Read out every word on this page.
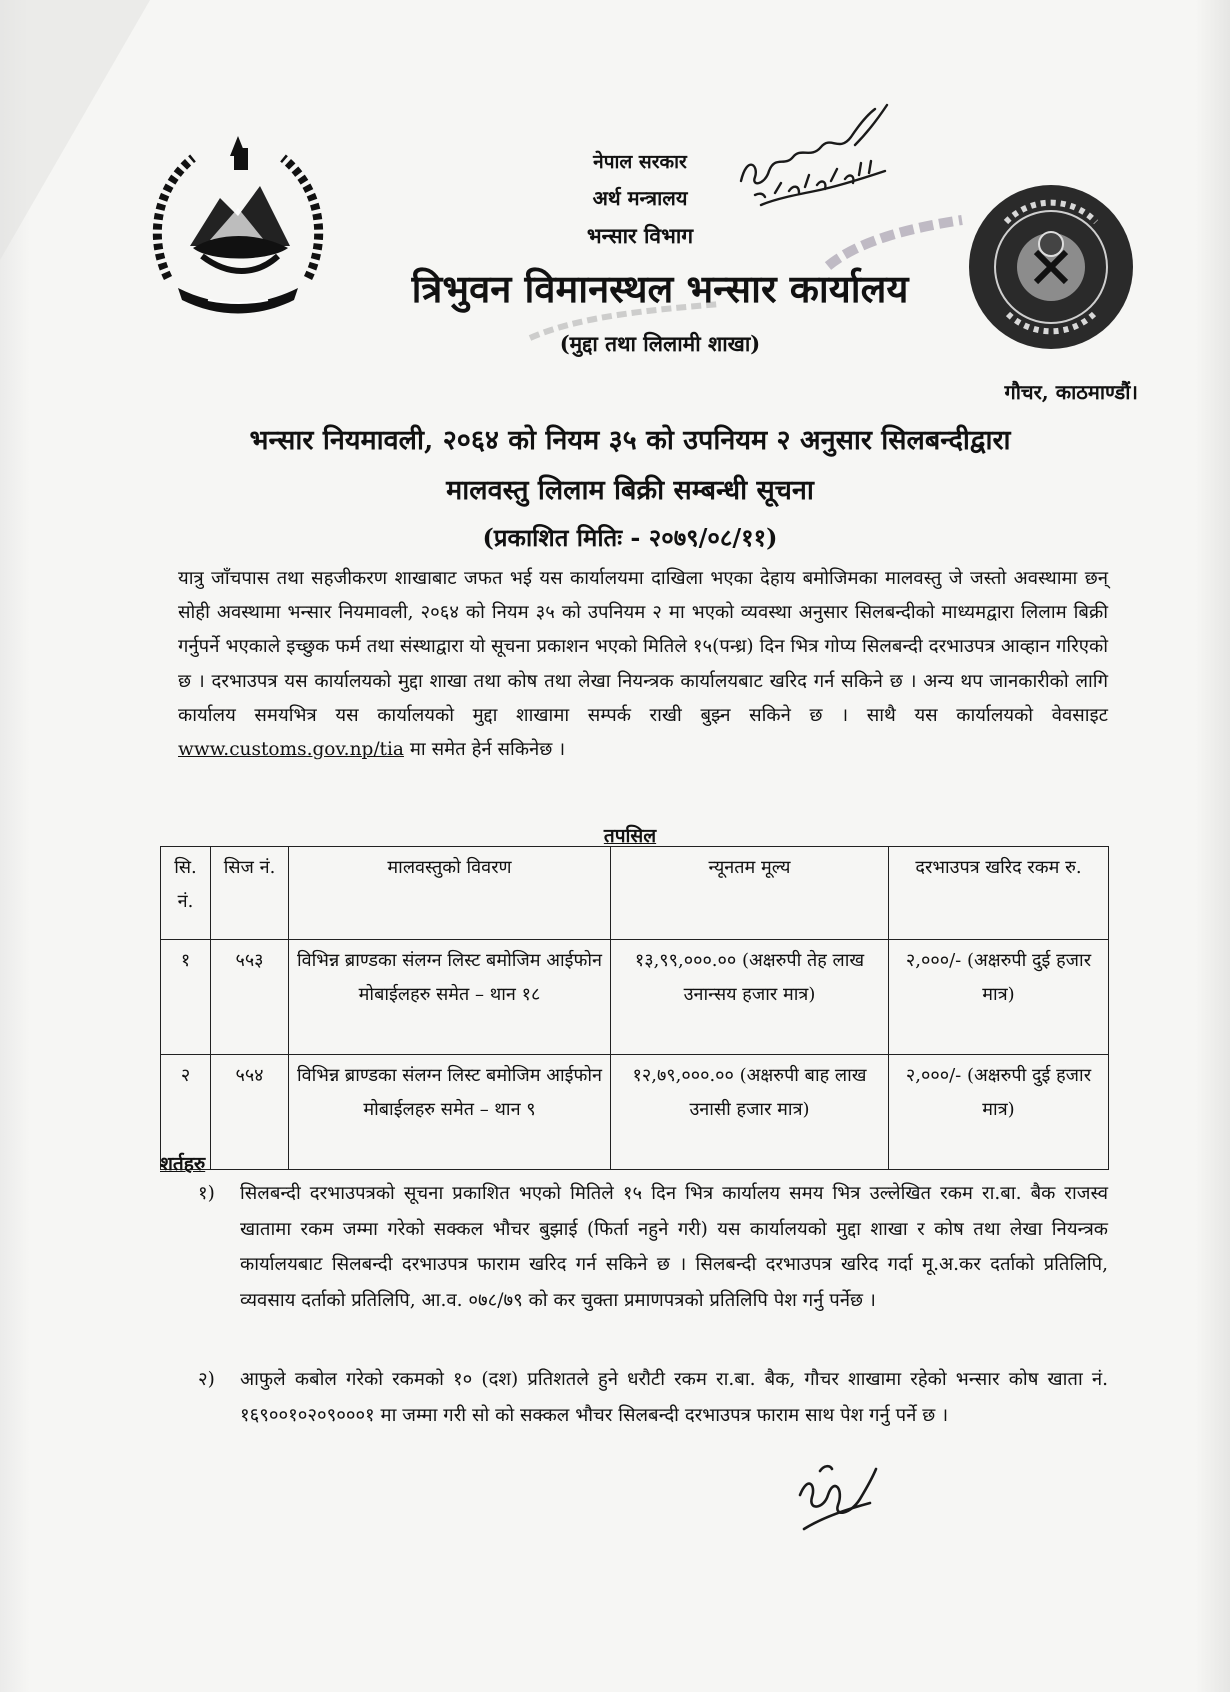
नेपाल सरकार
अर्थ मन्त्रालय
भन्सार विभाग
त्रिभुवन विमानस्थल भन्सार कार्यालय
(मुद्दा तथा लिलामी शाखा)
गौचर, काठमाण्डौं।
भन्सार नियमावली, २०६४ को नियम ३५ को उपनियम २ अनुसार सिलबन्दीद्वारा
मालवस्तु लिलाम बिक्री सम्बन्धी सूचना
(प्रकाशित मितिः - २०७९/०८/११)

यात्रु जाँचपास तथा सहजीकरण शाखाबाट जफत भई यस कार्यालयमा दाखिला भएका देहाय बमोजिमका मालवस्तु जे जस्तो अवस्थामा छन् सोही अवस्थामा भन्सार नियमावली, २०६४ को नियम ३५ को उपनियम २ मा भएको व्यवस्था अनुसार सिलबन्दीको माध्यमद्वारा लिलाम बिक्री गर्नुपर्ने भएकाले इच्छुक फर्म तथा संस्थाद्वारा यो सूचना प्रकाशन भएको मितिले १५(पन्ध्र) दिन भित्र गोप्य सिलबन्दी दरभाउपत्र आव्हान गरिएको छ । दरभाउपत्र यस कार्यालयको मुद्दा शाखा तथा कोष तथा लेखा नियन्त्रक कार्यालयबाट खरिद गर्न सकिने छ । अन्य थप जानकारीको लागि कार्यालय समयभित्र यस कार्यालयको मुद्दा शाखामा सम्पर्क राखी बुझ्न सकिने छ । साथै यस कार्यालयको वेवसाइट www.customs.gov.np/tia मा समेत हेर्न सकिनेछ ।

तपसिल
सि. नं.	सिज नं.	मालवस्तुको विवरण	न्यूनतम मूल्य	दरभाउपत्र खरिद रकम रु.
१	५५३	विभिन्न ब्राण्डका संलग्न लिस्ट बमोजिम आईफोन मोबाईलहरु समेत – थान १८	१३,९९,०००.०० (अक्षरुपी तेह लाख उनान्सय हजार मात्र)	२,०००/- (अक्षरुपी दुई हजार मात्र)
२	५५४	विभिन्न ब्राण्डका संलग्न लिस्ट बमोजिम आईफोन मोबाईलहरु समेत – थान ९	१२,७९,०००.०० (अक्षरुपी बाह लाख उनासी हजार मात्र)	२,०००/- (अक्षरुपी दुई हजार मात्र)
शर्तहरु
१)	सिलबन्दी दरभाउपत्रको सूचना प्रकाशित भएको मितिले १५ दिन भित्र कार्यालय समय भित्र उल्लेखित रकम रा.बा. बैक राजस्व खातामा रकम जम्मा गरेको सक्कल भौचर बुझाई (फिर्ता नहुने गरी) यस कार्यालयको मुद्दा शाखा र कोष तथा लेखा नियन्त्रक कार्यालयबाट सिलबन्दी दरभाउपत्र फाराम खरिद गर्न सकिने छ । सिलबन्दी दरभाउपत्र खरिद गर्दा मू.अ.कर दर्ताको प्रतिलिपि, व्यवसाय दर्ताको प्रतिलिपि, आ.व. ०७८/७९ को कर चुक्ता प्रमाणपत्रको प्रतिलिपि पेश गर्नु पर्नेछ ।
२)	आफुले कबोल गरेको रकमको १० (दश) प्रतिशतले हुने धरौटी रकम रा.बा. बैक, गौचर शाखामा रहेको भन्सार कोष खाता नं. १६९००१०२०९०००१ मा जम्मा गरी सो को सक्कल भौचर सिलबन्दी दरभाउपत्र फाराम साथ पेश गर्नु पर्ने छ ।
